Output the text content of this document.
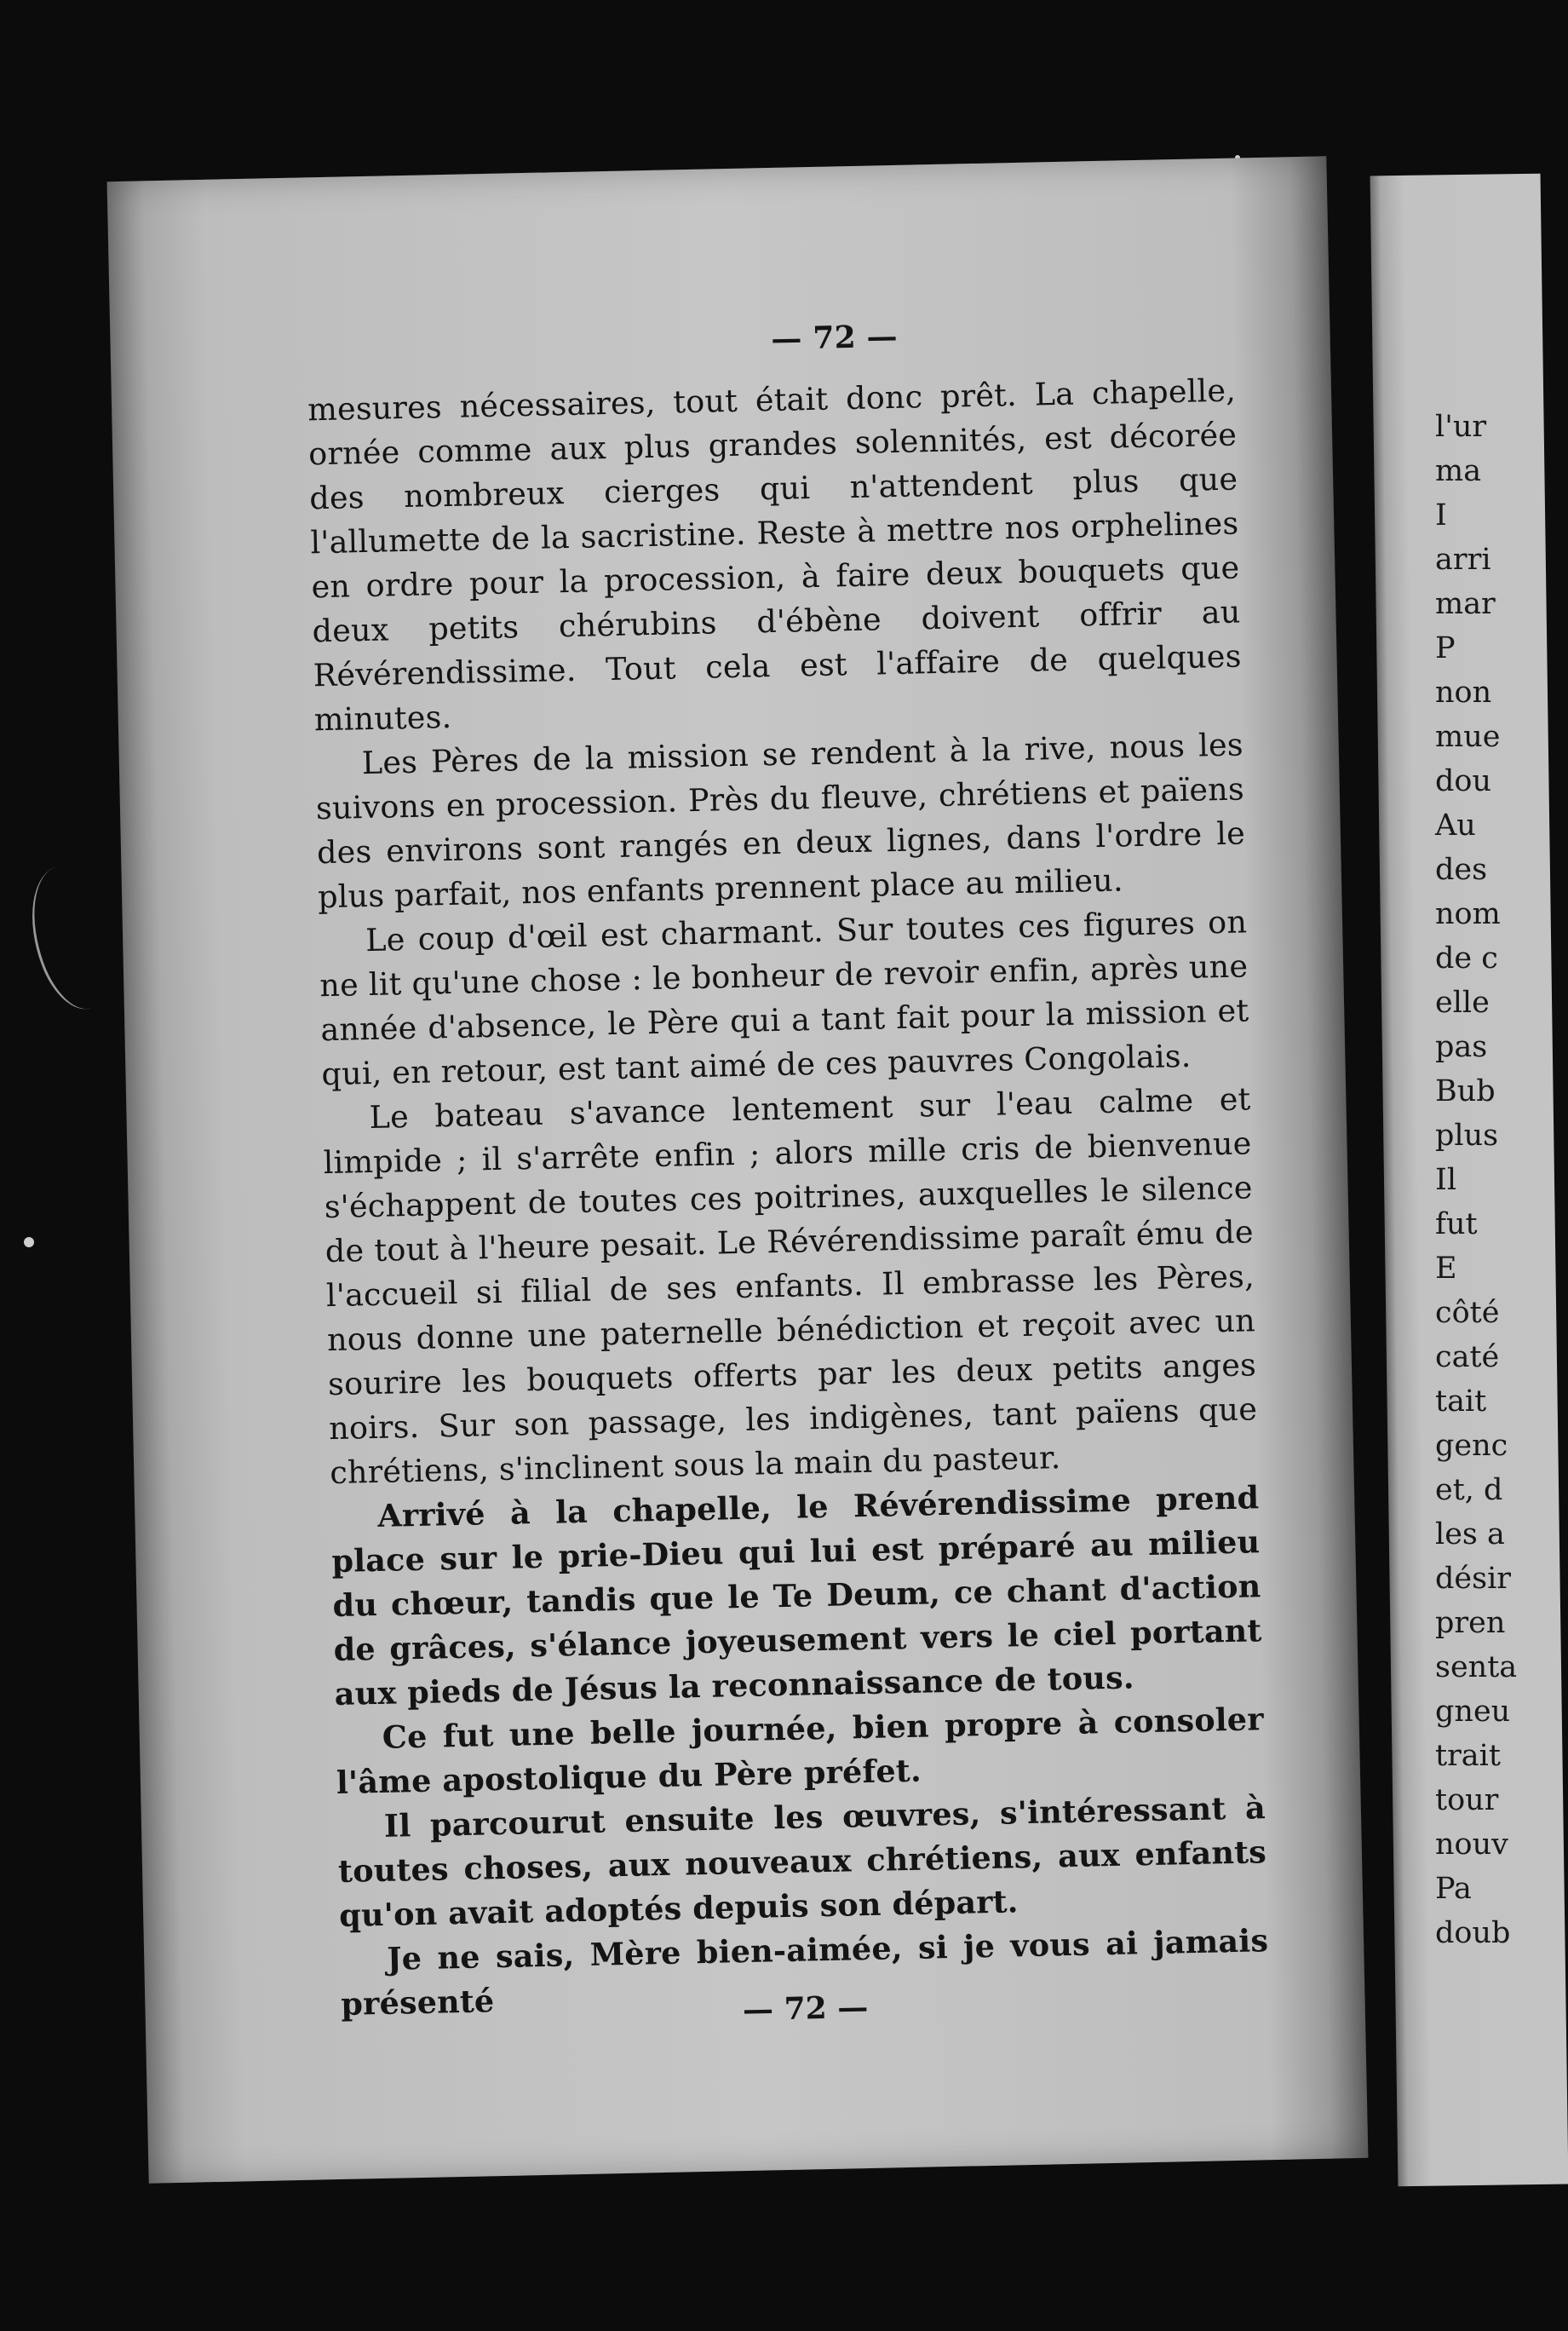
l'ur
ma
I
arri
mar
P
non
mue
dou
Au
des
nom
de c
elle
pas
Bub
plus
Il
fut
E
côté
caté
tait
genc
et, d
les a
désir
pren
senta
gneu
trait
tour
nouv
Pa
doub
— 72 —

mesures nécessaires, tout était donc prêt. La chapelle, ornée comme aux plus grandes solennités, est décorée des nombreux cierges qui n'attendent plus que l'allumette de la sacristine. Reste à mettre nos orphelines en ordre pour la procession, à faire deux bouquets que deux petits chérubins d'ébène doivent offrir au Révérendissime. Tout cela est l'affaire de quelques minutes.

Les Pères de la mission se rendent à la rive, nous les suivons en procession. Près du fleuve, chrétiens et païens des environs sont rangés en deux lignes, dans l'ordre le plus parfait, nos enfants prennent place au milieu.

Le coup d'œil est charmant. Sur toutes ces figures on ne lit qu'une chose : le bonheur de revoir enfin, après une année d'absence, le Père qui a tant fait pour la mission et qui, en retour, est tant aimé de ces pauvres Congolais.

Le bateau s'avance lentement sur l'eau calme et limpide ; il s'arrête enfin ; alors mille cris de bienvenue s'échappent de toutes ces poitrines, auxquelles le silence de tout à l'heure pesait. Le Révérendissime paraît ému de l'accueil si filial de ses enfants. Il embrasse les Pères, nous donne une paternelle bénédiction et reçoit avec un sourire les bouquets offerts par les deux petits anges noirs. Sur son passage, les indigènes, tant païens que chrétiens, s'inclinent sous la main du pasteur.

Arrivé à la chapelle, le Révérendissime prend place sur le prie-Dieu qui lui est préparé au milieu du chœur, tandis que le Te Deum, ce chant d'action de grâces, s'élance joyeusement vers le ciel portant aux pieds de Jésus la reconnaissance de tous.

Ce fut une belle journée, bien propre à consoler l'âme apostolique du Père préfet.

Il parcourut ensuite les œuvres, s'intéressant à toutes choses, aux nouveaux chrétiens, aux enfants qu'on avait adoptés depuis son départ.

Je ne sais, Mère bien-aimée, si je vous ai jamais présenté	— 72 —
